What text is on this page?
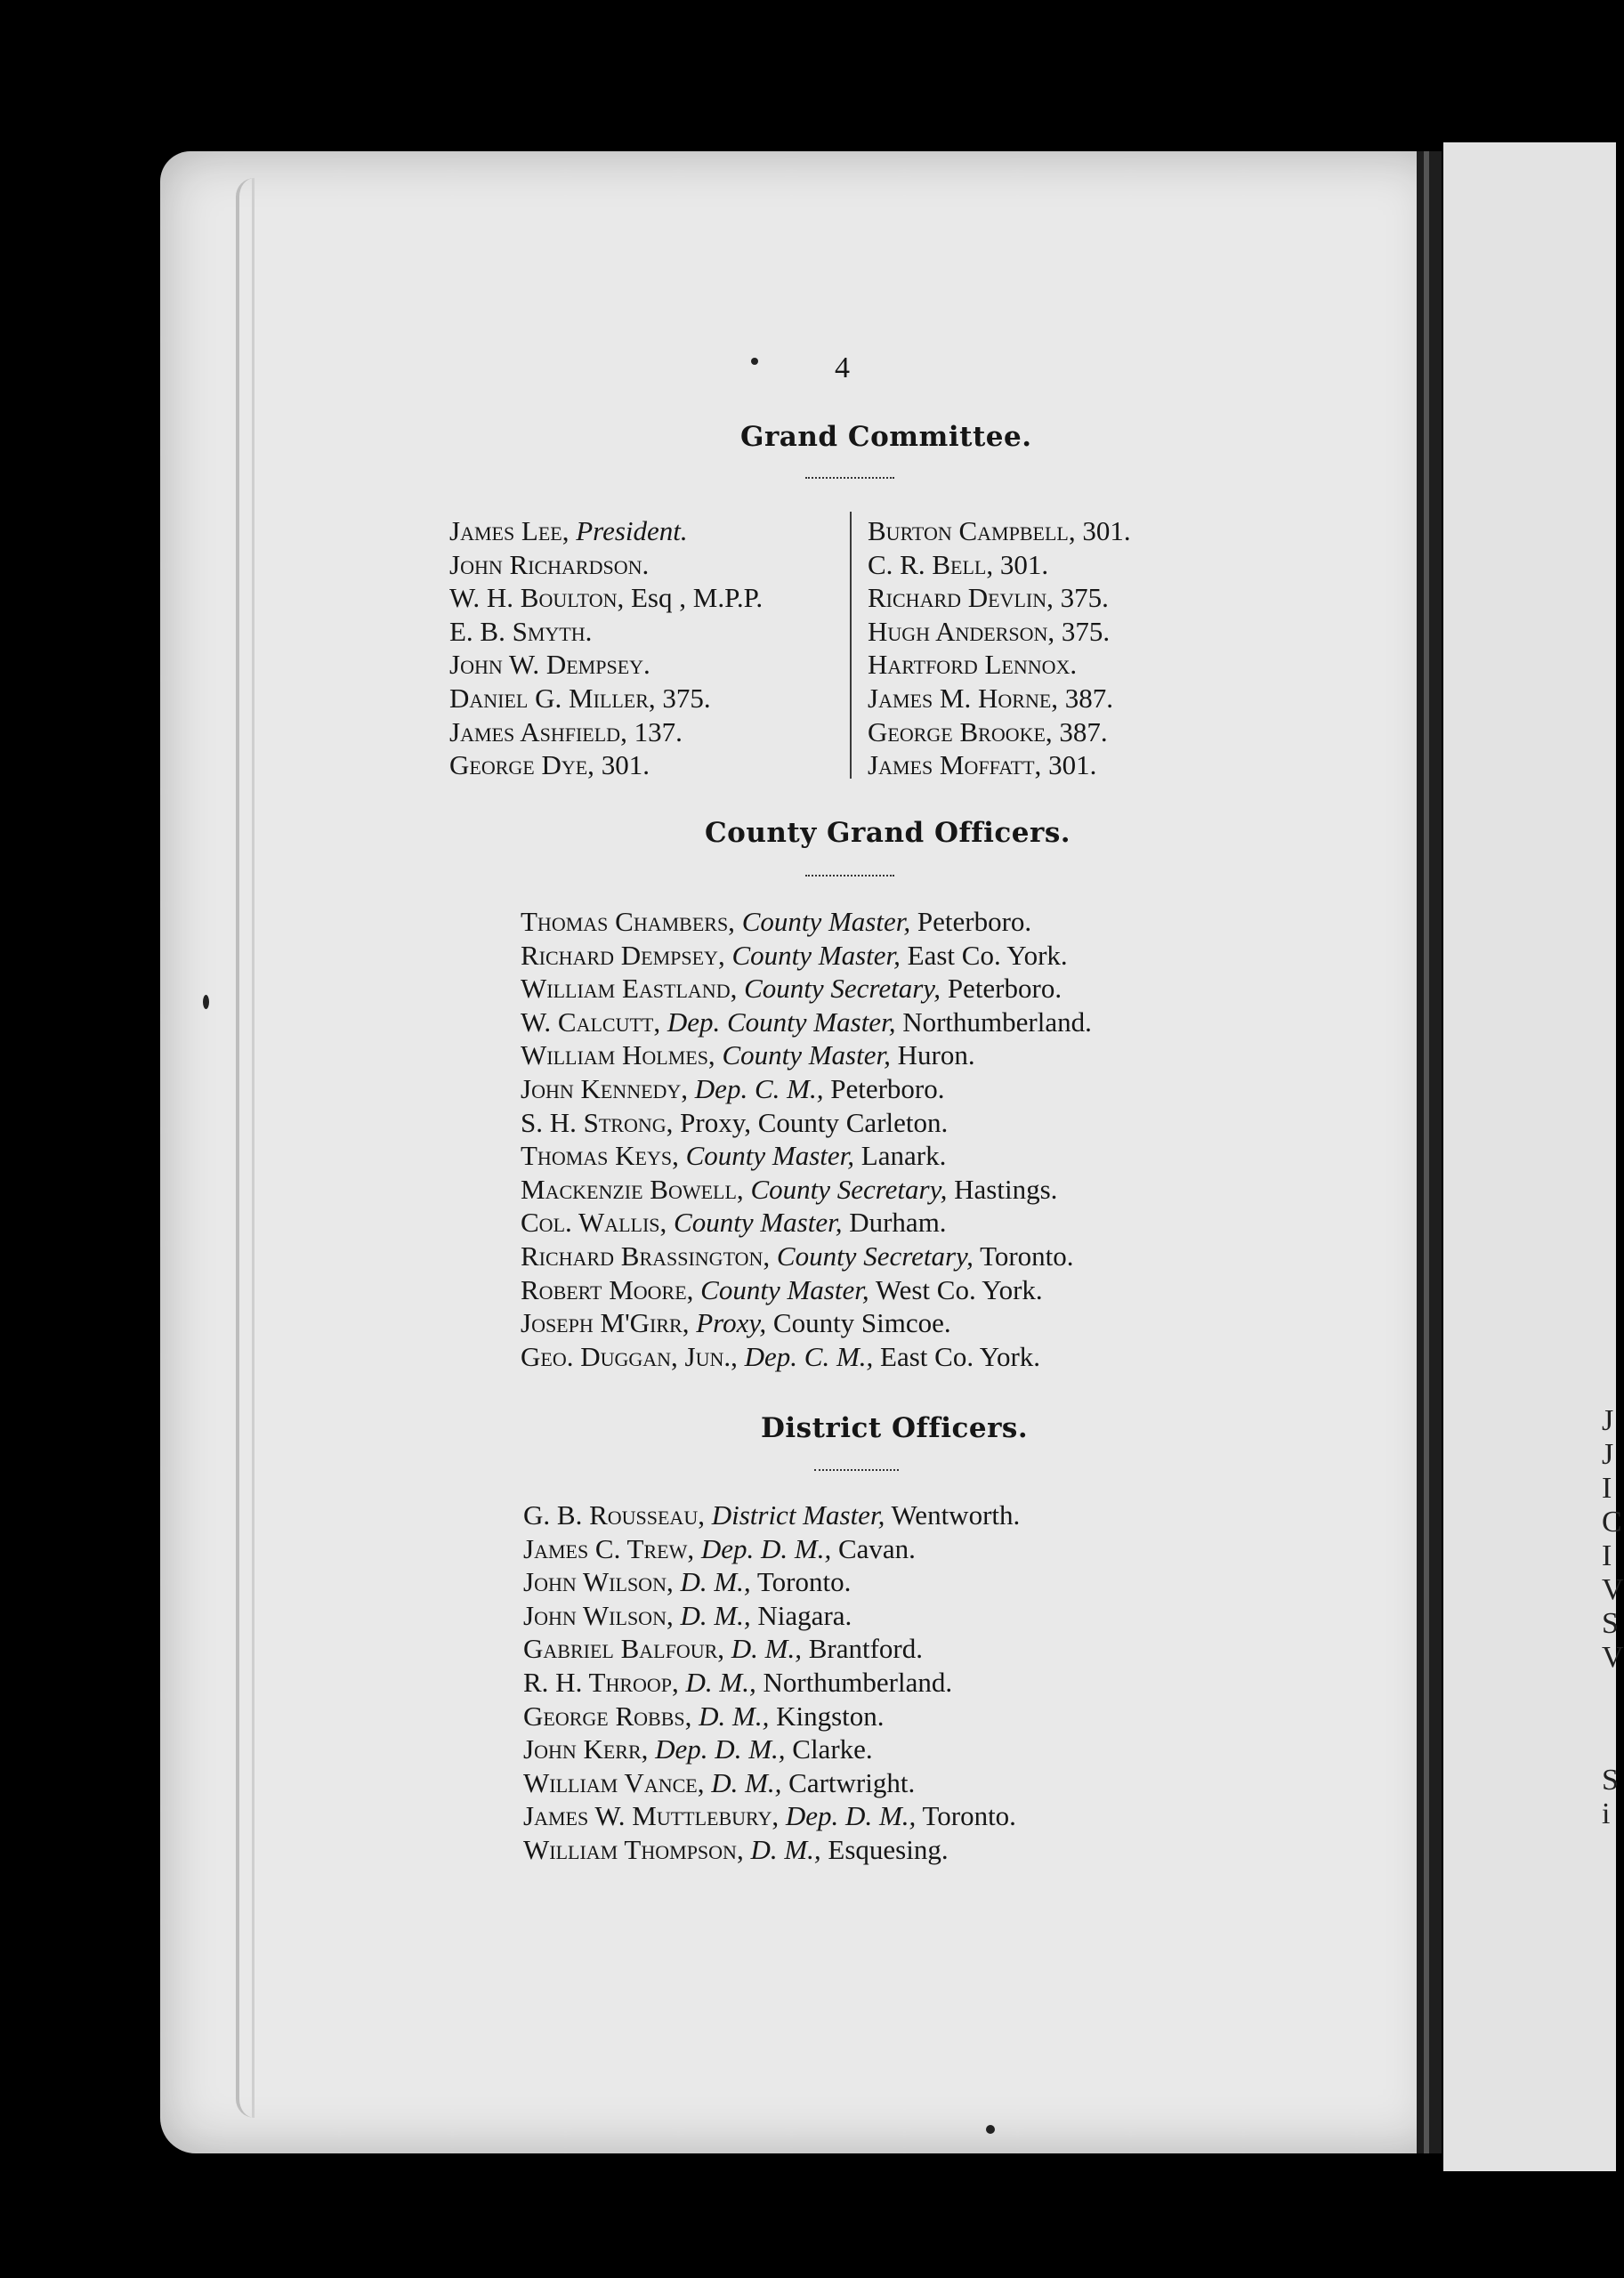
J
J
I
C
I
V
S
V
S
i
4
Grand Committee.
James Lee, President.
John Richardson.
W. H. Boulton, Esq , M.P.P.
E. B. Smyth.
John W. Dempsey.
Daniel G. Miller, 375.
James Ashfield, 137.
George Dye, 301.
Burton Campbell, 301.
C. R. Bell, 301.
Richard Devlin, 375.
Hugh Anderson, 375.
Hartford Lennox.
James M. Horne, 387.
George Brooke, 387.
James Moffatt, 301.
County Grand Officers.
Thomas Chambers, County Master, Peterboro.
Richard Dempsey, County Master, East Co. York.
William Eastland, County Secretary, Peterboro.
W. Calcutt, Dep. County Master, Northumberland.
William Holmes, County Master, Huron.
John Kennedy, Dep. C. M., Peterboro.
S. H. Strong, Proxy, County Carleton.
Thomas Keys, County Master, Lanark.
Mackenzie Bowell, County Secretary, Hastings.
Col. Wallis, County Master, Durham.
Richard Brassington, County Secretary, Toronto.
Robert Moore, County Master, West Co. York.
Joseph M'Girr, Proxy, County Simcoe.
Geo. Duggan, Jun., Dep. C. M., East Co. York.
District Officers.
G. B. Rousseau, District Master, Wentworth.
James C. Trew, Dep. D. M., Cavan.
John Wilson, D. M., Toronto.
John Wilson, D. M., Niagara.
Gabriel Balfour, D. M., Brantford.
R. H. Throop, D. M., Northumberland.
George Robbs, D. M., Kingston.
John Kerr, Dep. D. M., Clarke.
William Vance, D. M., Cartwright.
James W. Muttlebury, Dep. D. M., Toronto.
William Thompson, D. M., Esquesing.
